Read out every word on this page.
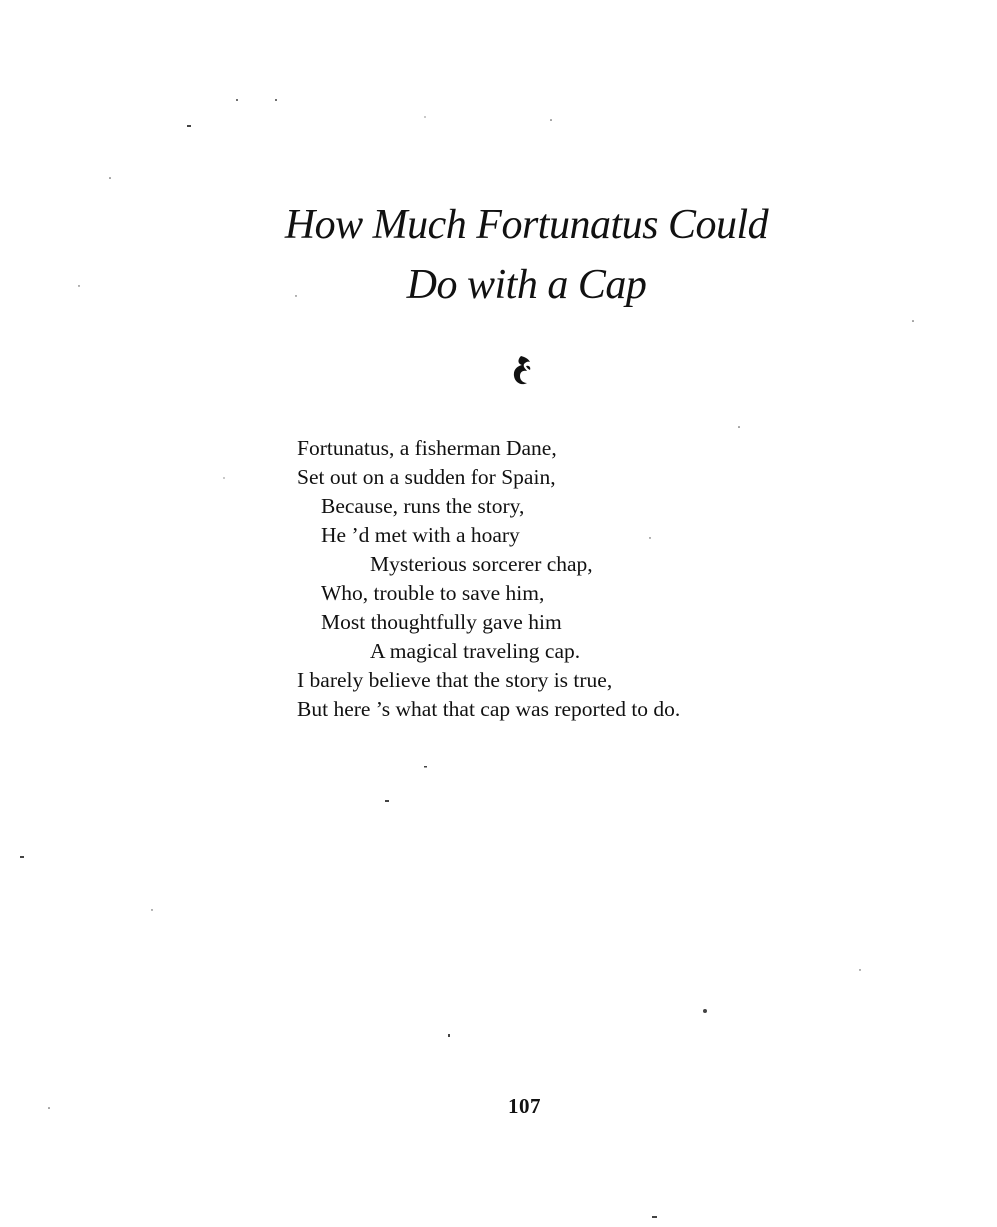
How Much Fortunatus Could
Do with a Cap
Fortunatus, a fisherman Dane,
Set out on a sudden for Spain,
Because, runs the story,
He ’d met with a hoary
Mysterious sorcerer chap,
Who, trouble to save him,
Most thoughtfully gave him
A magical traveling cap.
I barely believe that the story is true,
But here ’s what that cap was reported to do.
107
